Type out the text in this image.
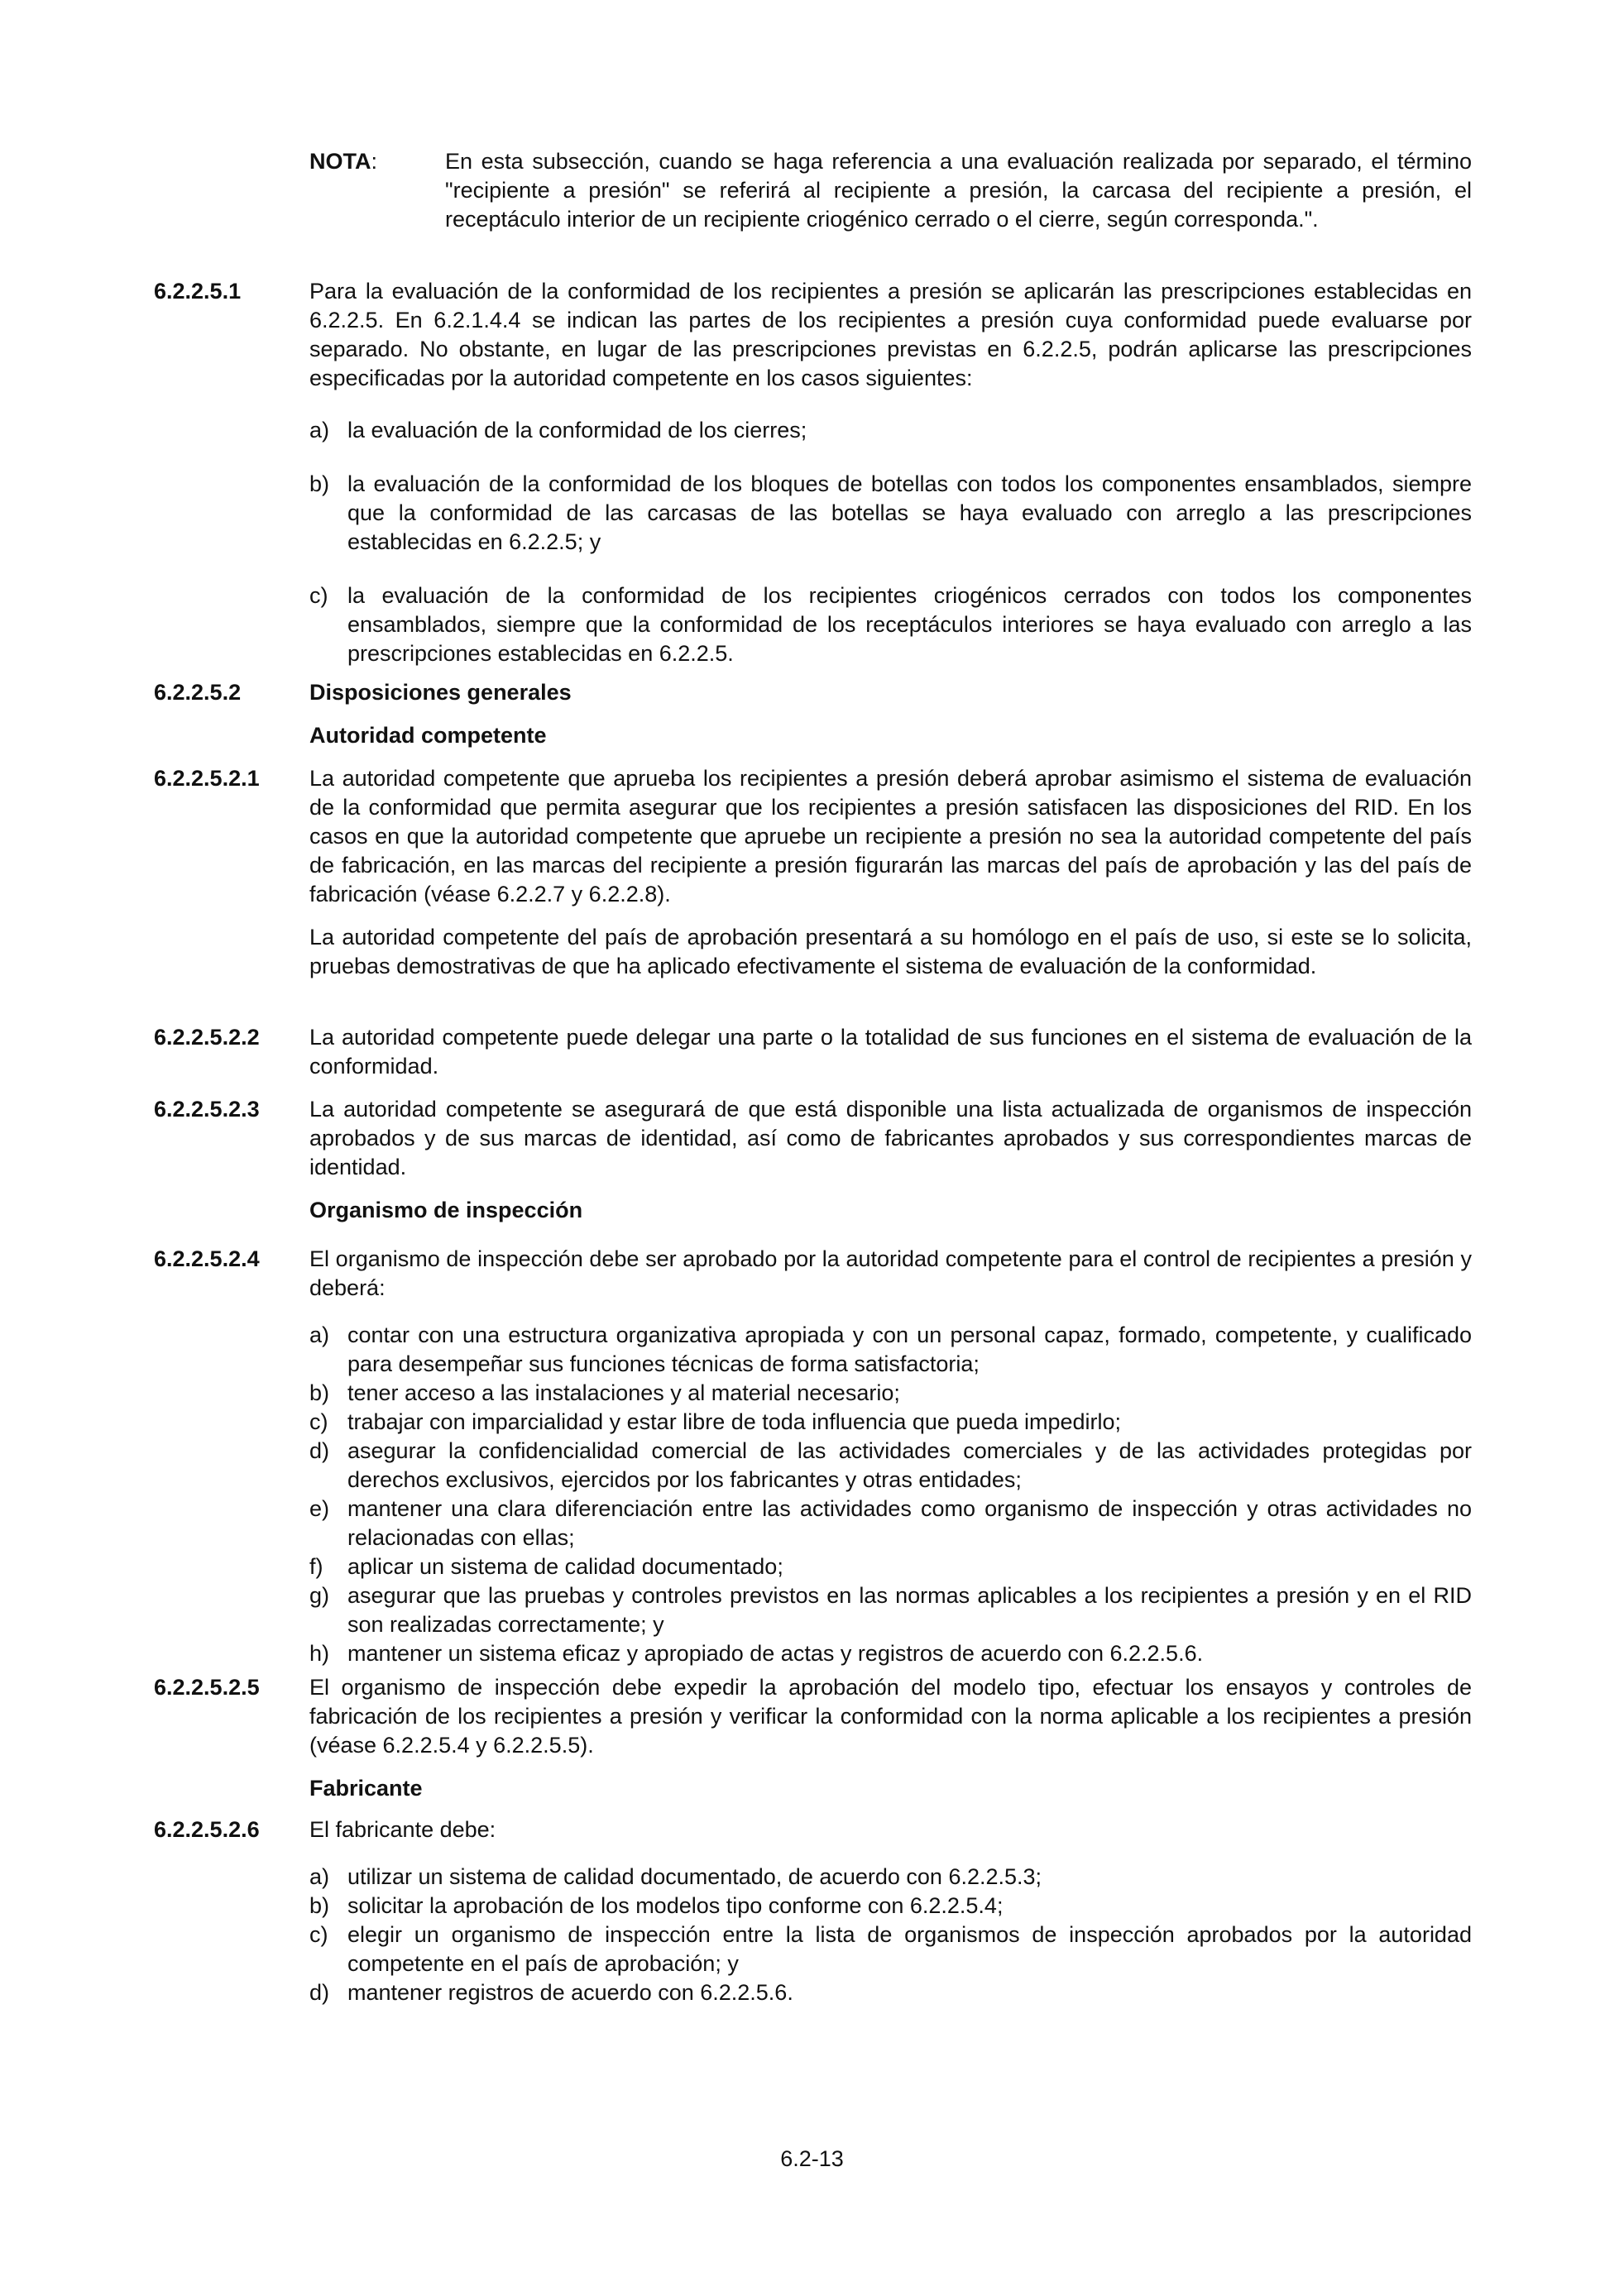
NOTA:	En esta subsección, cuando se haga referencia a una evaluación realizada por separado, el término "recipiente a presión" se referirá al recipiente a presión, la carcasa del recipiente a presión, el receptáculo interior de un recipiente criogénico cerrado o el cierre, según corresponda.".
6.2.2.5.1	Para la evaluación de la conformidad de los recipientes a presión se aplicarán las prescripciones establecidas en 6.2.2.5. En 6.2.1.4.4 se indican las partes de los recipientes a presión cuya conformidad puede evaluarse por separado. No obstante, en lugar de las prescripciones previstas en 6.2.2.5, podrán aplicarse las prescripciones especificadas por la autoridad competente en los casos siguientes:

a) la evaluación de la conformidad de los cierres;
b) la evaluación de la conformidad de los bloques de botellas con todos los componentes ensamblados, siempre que la conformidad de las carcasas de las botellas se haya evaluado con arreglo a las prescripciones establecidas en 6.2.2.5; y
c) la evaluación de la conformidad de los recipientes criogénicos cerrados con todos los componentes ensamblados, siempre que la conformidad de los receptáculos interiores se haya evaluado con arreglo a las prescripciones establecidas en 6.2.2.5.
6.2.2.5.2	Disposiciones generales

Autoridad competente

6.2.2.5.2.1	La autoridad competente que aprueba los recipientes a presión deberá aprobar asimismo el sistema de evaluación de la conformidad que permita asegurar que los recipientes a presión satisfacen las disposiciones del RID. En los casos en que la autoridad competente que apruebe un recipiente a presión no sea la autoridad competente del país de fabricación, en las marcas del recipiente a presión figurarán las marcas del país de aprobación y las del país de fabricación (véase 6.2.2.7 y 6.2.2.8).

La autoridad competente del país de aprobación presentará a su homólogo en el país de uso, si este se lo solicita, pruebas demostrativas de que ha aplicado efectivamente el sistema de evaluación de la conformidad.

6.2.2.5.2.2	La autoridad competente puede delegar una parte o la totalidad de sus funciones en el sistema de evaluación de la conformidad.

6.2.2.5.2.3	La autoridad competente se asegurará de que está disponible una lista actualizada de organismos de inspección aprobados y de sus marcas de identidad, así como de fabricantes aprobados y sus correspondientes marcas de identidad.

Organismo de inspección

6.2.2.5.2.4	El organismo de inspección debe ser aprobado por la autoridad competente para el control de recipientes a presión y deberá:

a) contar con una estructura organizativa apropiada y con un personal capaz, formado, competente, y cualificado para desempeñar sus funciones técnicas de forma satisfactoria;
b) tener acceso a las instalaciones y al material necesario;
c) trabajar con imparcialidad y estar libre de toda influencia que pueda impedirlo;
d) asegurar la confidencialidad comercial de las actividades comerciales y de las actividades protegidas por derechos exclusivos, ejercidos por los fabricantes y otras entidades;
e) mantener una clara diferenciación entre las actividades como organismo de inspección y otras actividades no relacionadas con ellas;
f) aplicar un sistema de calidad documentado;
g) asegurar que las pruebas y controles previstos en las normas aplicables a los recipientes a presión y en el RID son realizadas correctamente; y
h) mantener un sistema eficaz y apropiado de actas y registros de acuerdo con 6.2.2.5.6.
6.2.2.5.2.5	El organismo de inspección debe expedir la aprobación del modelo tipo, efectuar los ensayos y controles de fabricación de los recipientes a presión y verificar la conformidad con la norma aplicable a los recipientes a presión (véase 6.2.2.5.4 y 6.2.2.5.5).

Fabricante

6.2.2.5.2.6	El fabricante debe:

a) utilizar un sistema de calidad documentado, de acuerdo con 6.2.2.5.3;
b) solicitar la aprobación de los modelos tipo conforme con 6.2.2.5.4;
c) elegir un organismo de inspección entre la lista de organismos de inspección aprobados por la autoridad competente en el país de aprobación; y
d) mantener registros de acuerdo con 6.2.2.5.6.
6.2-13
